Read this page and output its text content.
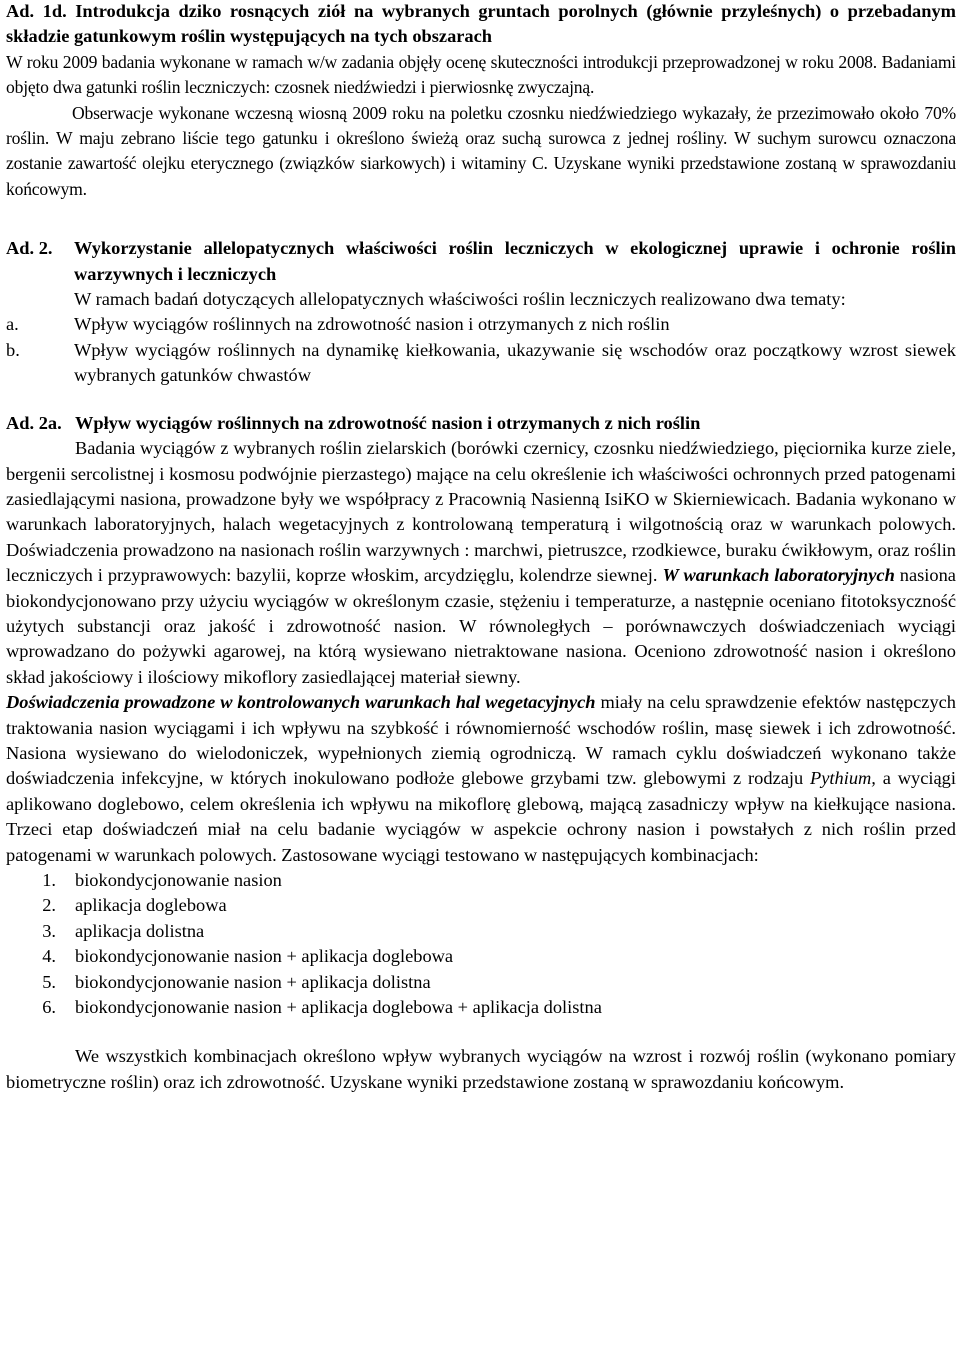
Ad. 1d. Introdukcja dziko rosnących ziół na wybranych gruntach porolnych (głównie przyleśnych) o przebadanym składzie gatunkowym roślin występujących na tych obszarach

W roku 2009 badania wykonane w ramach w/w zadania objęły ocenę skuteczności introdukcji przeprowadzonej w roku 2008. Badaniami objęto dwa gatunki roślin leczniczych: czosnek niedźwiedzi i pierwiosnkę zwyczajną.

Obserwacje wykonane wczesną wiosną 2009 roku na poletku czosnku niedźwiedziego wykazały, że przezimowało około 70% roślin. W maju zebrano liście tego gatunku i określono świeżą oraz suchą surowca z jednej rośliny. W suchym surowcu oznaczona zostanie zawartość olejku eterycznego (związków siarkowych) i witaminy C. Uzyskane wyniki przedstawione zostaną w sprawozdaniu końcowym.

Ad. 2.	Wykorzystanie allelopatycznych właściwości roślin leczniczych w ekologicznej uprawie i ochronie roślin warzywnych i leczniczych

W ramach badań dotyczących allelopatycznych właściwości roślin leczniczych realizowano dwa tematy:

a.	Wpływ wyciągów roślinnych na zdrowotność nasion i otrzymanych z nich roślin
b.	Wpływ wyciągów roślinnych na dynamikę kiełkowania, ukazywanie się wschodów oraz początkowy wzrost siewek wybranych gatunków chwastów

Ad. 2a. Wpływ wyciągów roślinnych na zdrowotność nasion i otrzymanych z nich roślin

Badania wyciągów z wybranych roślin zielarskich (borówki czernicy, czosnku niedźwiedziego, pięciornika kurze ziele, bergenii sercolistnej i kosmosu podwójnie pierzastego) mające na celu określenie ich właściwości ochronnych przed patogenami zasiedlającymi nasiona, prowadzone były we współpracy z Pracownią Nasienną IsiKO w Skierniewicach. Badania wykonano w warunkach laboratoryjnych, halach wegetacyjnych z kontrolowaną temperaturą i wilgotnością oraz w warunkach polowych. Doświadczenia prowadzono na nasionach roślin warzywnych : marchwi, pietruszce, rzodkiewce, buraku ćwikłowym, oraz roślin leczniczych i przyprawowych: bazylii, koprze włoskim, arcydzięglu, kolendrze siewnej. W warunkach laboratoryjnych nasiona biokondycjonowano przy użyciu wyciągów w określonym czasie, stężeniu i temperaturze, a następnie oceniano fitotoksyczność użytych substancji oraz jakość i zdrowotność nasion. W równoległych – porównawczych doświadczeniach wyciągi wprowadzano do pożywki agarowej, na którą wysiewano nietraktowane nasiona. Oceniono zdrowotność nasion i określono skład jakościowy i ilościowy mikoflory zasiedlającej materiał siewny.

Doświadczenia prowadzone w kontrolowanych warunkach hal wegetacyjnych miały na celu sprawdzenie efektów następczych traktowania nasion wyciągami i ich wpływu na szybkość i równomierność wschodów roślin, masę siewek i ich zdrowotność. Nasiona wysiewano do wielodoniczek, wypełnionych ziemią ogrodniczą. W ramach cyklu doświadczeń wykonano także doświadczenia infekcyjne, w których inokulowano podłoże glebowe grzybami tzw. glebowymi z rodzaju Pythium, a wyciągi aplikowano doglebowo, celem określenia ich wpływu na mikoflorę glebową, mającą zasadniczy wpływ na kiełkujące nasiona. Trzeci etap doświadczeń miał na celu badanie wyciągów w aspekcie ochrony nasion i powstałych z nich roślin przed patogenami w warunkach polowych. Zastosowane wyciągi testowano w następujących kombinacjach:

1.	biokondycjonowanie nasion
2.	aplikacja doglebowa
3.	aplikacja dolistna
4.	biokondycjonowanie nasion + aplikacja doglebowa
5.	biokondycjonowanie nasion + aplikacja dolistna
6.	biokondycjonowanie nasion + aplikacja doglebowa + aplikacja dolistna

We wszystkich kombinacjach określono wpływ wybranych wyciągów na wzrost i rozwój roślin (wykonano pomiary biometryczne roślin) oraz ich zdrowotność. Uzyskane wyniki przedstawione zostaną w sprawozdaniu końcowym.
